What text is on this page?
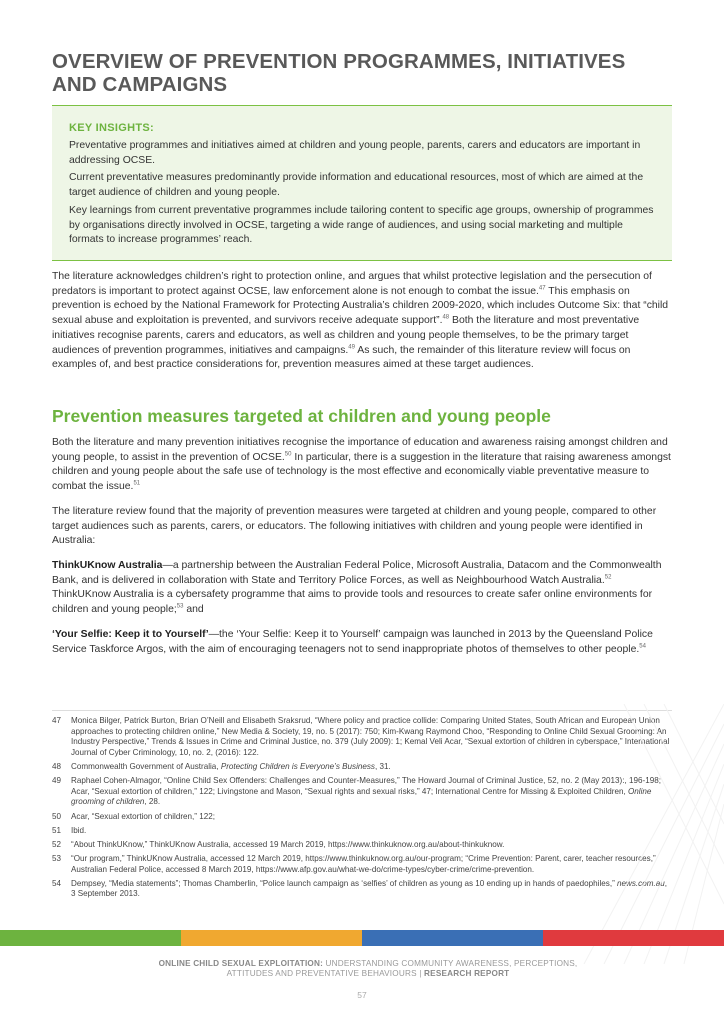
OVERVIEW OF PREVENTION PROGRAMMES, INITIATIVES AND CAMPAIGNS
KEY INSIGHTS:
Preventative programmes and initiatives aimed at children and young people, parents, carers and educators are important in addressing OCSE.
Current preventative measures predominantly provide information and educational resources, most of which are aimed at the target audience of children and young people.
Key learnings from current preventative programmes include tailoring content to specific age groups, ownership of programmes by organisations directly involved in OCSE, targeting a wide range of audiences, and using social marketing and multiple formats to increase programmes’ reach.

The literature acknowledges children’s right to protection online, and argues that whilst protective legislation and the persecution of predators is important to protect against OCSE, law enforcement alone is not enough to combat the issue.$^{47}$ This emphasis on prevention is echoed by the National Framework for Protecting Australia’s children 2009-2020, which includes Outcome Six: that “child sexual abuse and exploitation is prevented, and survivors receive adequate support”.$^{48}$ Both the literature and most preventative initiatives recognise parents, carers and educators, as well as children and young people themselves, to be the primary target audiences of prevention programmes, initiatives and campaigns.$^{49}$ As such, the remainder of this literature review will focus on examples of, and best practice considerations for, prevention measures aimed at these target audiences.

Prevention measures targeted at children and young people

Both the literature and many prevention initiatives recognise the importance of education and awareness raising amongst children and young people, to assist in the prevention of OCSE.$^{50}$ In particular, there is a suggestion in the literature that raising awareness amongst children and young people about the safe use of technology is the most effective and economically viable preventative measure to combat the issue.$^{51}$

The literature review found that the majority of prevention measures were targeted at children and young people, compared to other target audiences such as parents, carers, or educators. The following initiatives with children and young people were identified in Australia:

ThinkUKnow Australia—a partnership between the Australian Federal Police, Microsoft Australia, Datacom and the Commonwealth Bank, and is delivered in collaboration with State and Territory Police Forces, as well as Neighbourhood Watch Australia.$^{52}$ ThinkUKnow Australia is a cybersafety programme that aims to provide tools and resources to create safer online environments for children and young people;$^{53}$ and

‘Your Selfie: Keep it to Yourself’—the ‘Your Selfie: Keep it to Yourself’ campaign was launched in 2013 by the Queensland Police Service Taskforce Argos, with the aim of encouraging teenagers not to send inappropriate photos of themselves to other people.$^{54}$

47 Monica Bilger, Patrick Burton, Brian O’Neill and Elisabeth Sraksrud, “Where policy and practice collide: Comparing United States, South African and European Union approaches to protecting children online,” New Media & Society, 19, no. 5 (2017): 750; Kim-Kwang Raymond Choo, “Responding to Online Child Sexual Grooming: An Industry Perspective,” Trends & Issues in Crime and Criminal Justice, no. 379 (July 2009): 1; Kemal Veli Acar, “Sexual extortion of children in cyberspace,” International Journal of Cyber Criminology, 10, no. 2, (2016): 122.
48 Commonwealth Government of Australia, Protecting Children is Everyone’s Business, 31.
49 Raphael Cohen-Almagor, “Online Child Sex Offenders: Challenges and Counter-Measures,” The Howard Journal of Criminal Justice, 52, no. 2 (May 2013):, 196-198; Acar, “Sexual extortion of children,” 122; Livingstone and Mason, “Sexual rights and sexual risks,” 47; International Centre for Missing & Exploited Children, Online grooming of children, 28.
50 Acar, “Sexual extortion of children,” 122;
51 Ibid.
52 “About ThinkUKnow,” ThinkUKnow Australia, accessed 19 March 2019, https://www.thinkuknow.org.au/about-thinkuknow.
53 “Our program,” ThinkUKnow Australia, accessed 12 March 2019, https://www.thinkuknow.org.au/our-program; “Crime Prevention: Parent, carer, teacher resources,” Australian Federal Police, accessed 8 March 2019, https://www.afp.gov.au/what-we-do/crime-types/cyber-crime/crime-prevention.
54 Dempsey, “Media statements”; Thomas Chamberlin, “Police launch campaign as ‘selfies’ of children as young as 10 ending up in hands of paedophiles,” news.com.au, 3 September 2013.
ONLINE CHILD SEXUAL EXPLOITATION: UNDERSTANDING COMMUNITY AWARENESS, PERCEPTIONS,
ATTITUDES AND PREVENTATIVE BEHAVIOURS | RESEARCH REPORT
57
